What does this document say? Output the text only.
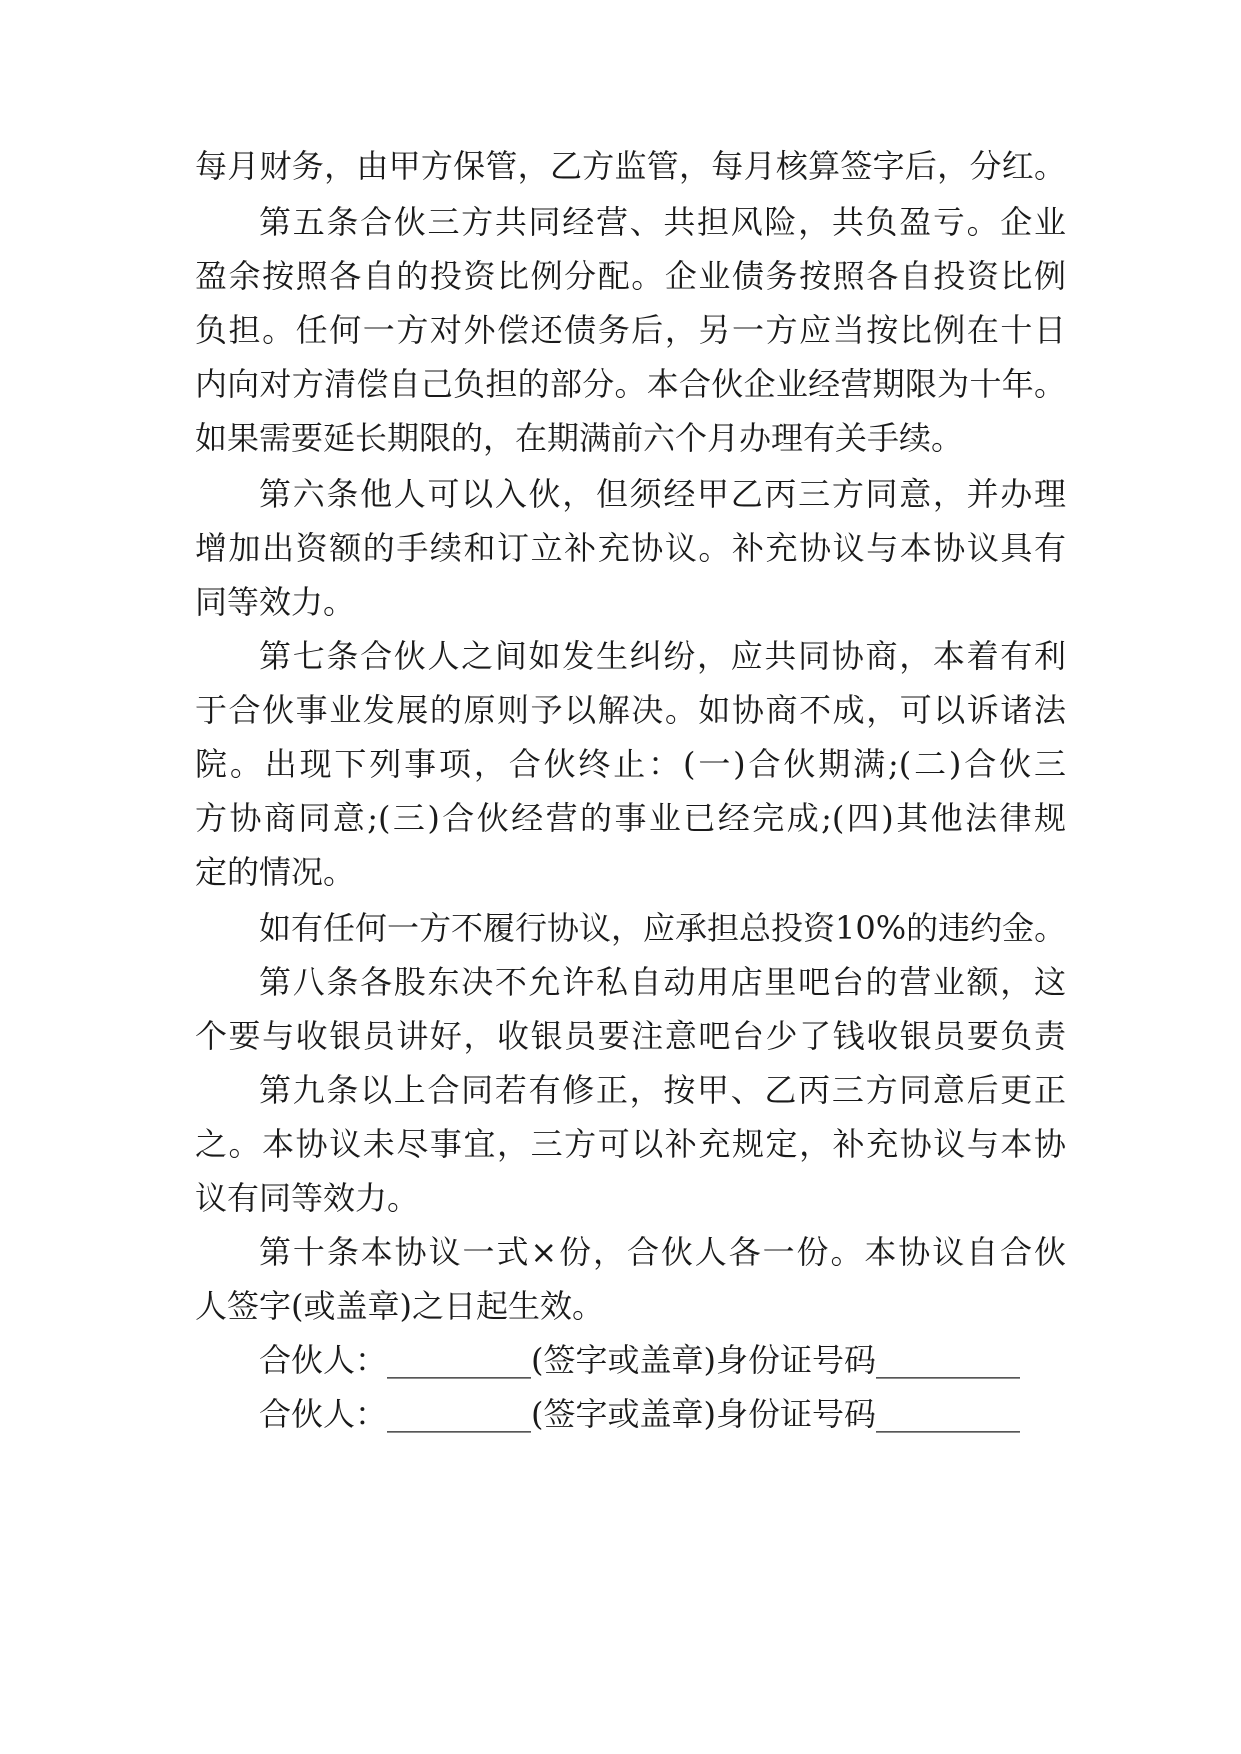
每月财务，由甲方保管，乙方监管，每月核算签字后，分红。
第五条合伙三方共同经营、共担风险，共负盈亏。企业
盈余按照各自的投资比例分配。企业债务按照各自投资比例
负担。任何一方对外偿还债务后，另一方应当按比例在十日
内向对方清偿自己负担的部分。本合伙企业经营期限为十年。
如果需要延长期限的，在期满前六个月办理有关手续。
第六条他人可以入伙，但须经甲乙丙三方同意，并办理
增加出资额的手续和订立补充协议。补充协议与本协议具有
同等效力。
第七条合伙人之间如发生纠纷，应共同协商，本着有利
于合伙事业发展的原则予以解决。如协商不成，可以诉诸法
院。出现下列事项，合伙终止：(一)合伙期满;(二)合伙三
方协商同意;(三)合伙经营的事业已经完成;(四)其他法律规
定的情况。
如有任何一方不履行协议，应承担总投资10%的违约金。
第八条各股东决不允许私自动用店里吧台的营业额，这
个要与收银员讲好，收银员要注意吧台少了钱收银员要负责
第九条以上合同若有修正，按甲、乙丙三方同意后更正
之。本协议未尽事宜，三方可以补充规定，补充协议与本协
议有同等效力。
第十条本协议一式×份，合伙人各一份。本协议自合伙
人签字(或盖章)之日起生效。
合伙人：_________(签字或盖章)身份证号码_________
合伙人：_________(签字或盖章)身份证号码_________
